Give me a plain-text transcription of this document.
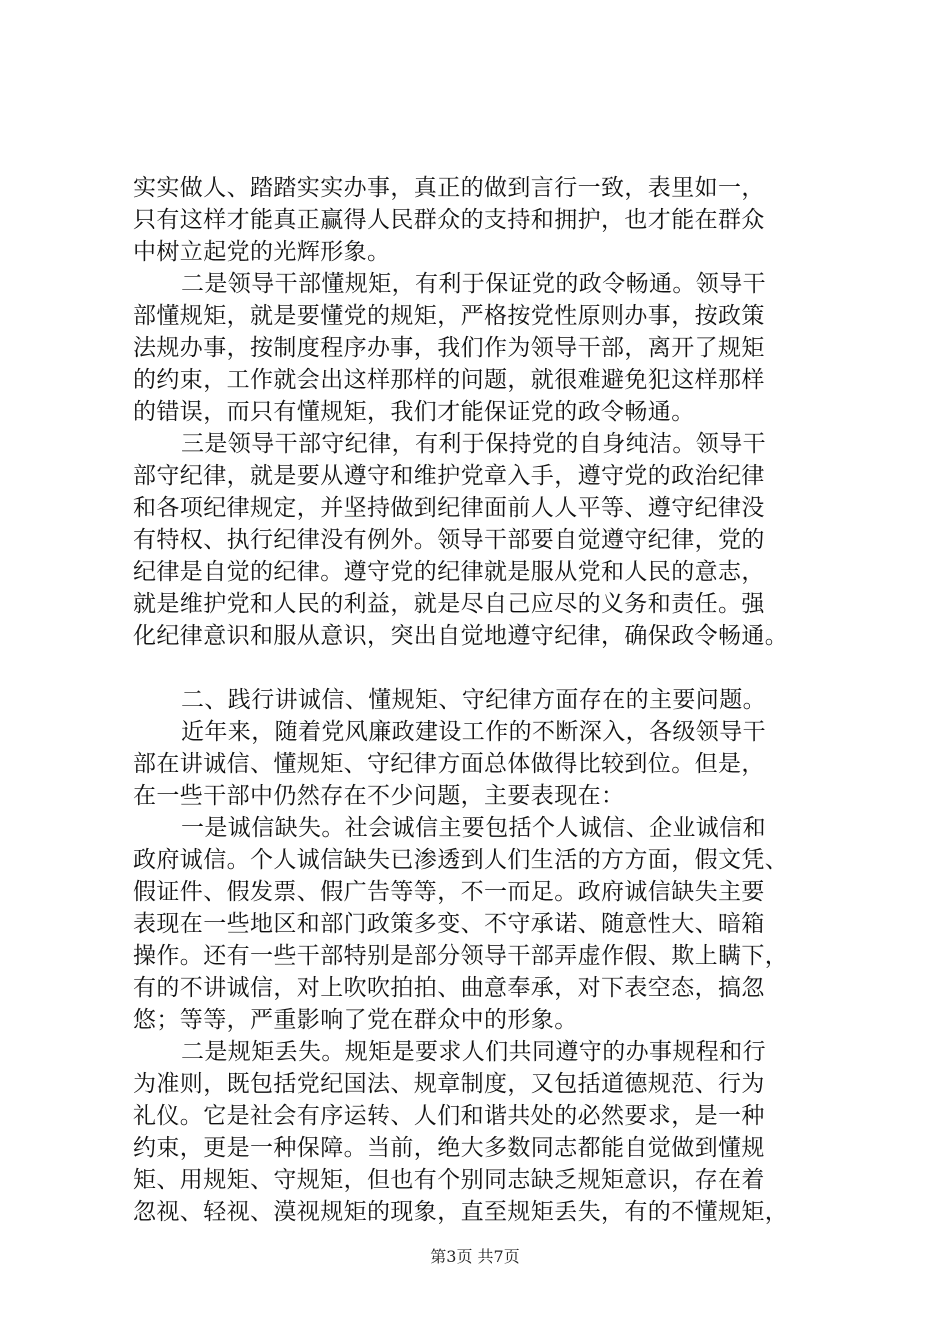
实实做人、踏踏实实办事，真正的做到言行一致，表里如一，
只有这样才能真正赢得人民群众的支持和拥护，也才能在群众
中树立起党的光辉形象。
二是领导干部懂规矩，有利于保证党的政令畅通。领导干
部懂规矩，就是要懂党的规矩，严格按党性原则办事，按政策
法规办事，按制度程序办事，我们作为领导干部，离开了规矩
的约束，工作就会出这样那样的问题，就很难避免犯这样那样
的错误，而只有懂规矩，我们才能保证党的政令畅通。
三是领导干部守纪律，有利于保持党的自身纯洁。领导干
部守纪律，就是要从遵守和维护党章入手，遵守党的政治纪律
和各项纪律规定，并坚持做到纪律面前人人平等、遵守纪律没
有特权、执行纪律没有例外。领导干部要自觉遵守纪律，党的
纪律是自觉的纪律。遵守党的纪律就是服从党和人民的意志，
就是维护党和人民的利益，就是尽自己应尽的义务和责任。强
化纪律意识和服从意识，突出自觉地遵守纪律，确保政令畅通。
二、践行讲诚信、懂规矩、守纪律方面存在的主要问题。
近年来，随着党风廉政建设工作的不断深入，各级领导干
部在讲诚信、懂规矩、守纪律方面总体做得比较到位。但是，
在一些干部中仍然存在不少问题，主要表现在：
一是诚信缺失。社会诚信主要包括个人诚信、企业诚信和
政府诚信。个人诚信缺失已渗透到人们生活的方方面，假文凭、
假证件、假发票、假广告等等，不一而足。政府诚信缺失主要
表现在一些地区和部门政策多变、不守承诺、随意性大、暗箱
操作。还有一些干部特别是部分领导干部弄虚作假、欺上瞒下，
有的不讲诚信，对上吹吹拍拍、曲意奉承，对下表空态，搞忽
悠；等等，严重影响了党在群众中的形象。
二是规矩丢失。规矩是要求人们共同遵守的办事规程和行
为准则，既包括党纪国法、规章制度，又包括道德规范、行为
礼仪。它是社会有序运转、人们和谐共处的必然要求，是一种
约束，更是一种保障。当前，绝大多数同志都能自觉做到懂规
矩、用规矩、守规矩，但也有个别同志缺乏规矩意识，存在着
忽视、轻视、漠视规矩的现象，直至规矩丢失，有的不懂规矩，
第3页 共7页
